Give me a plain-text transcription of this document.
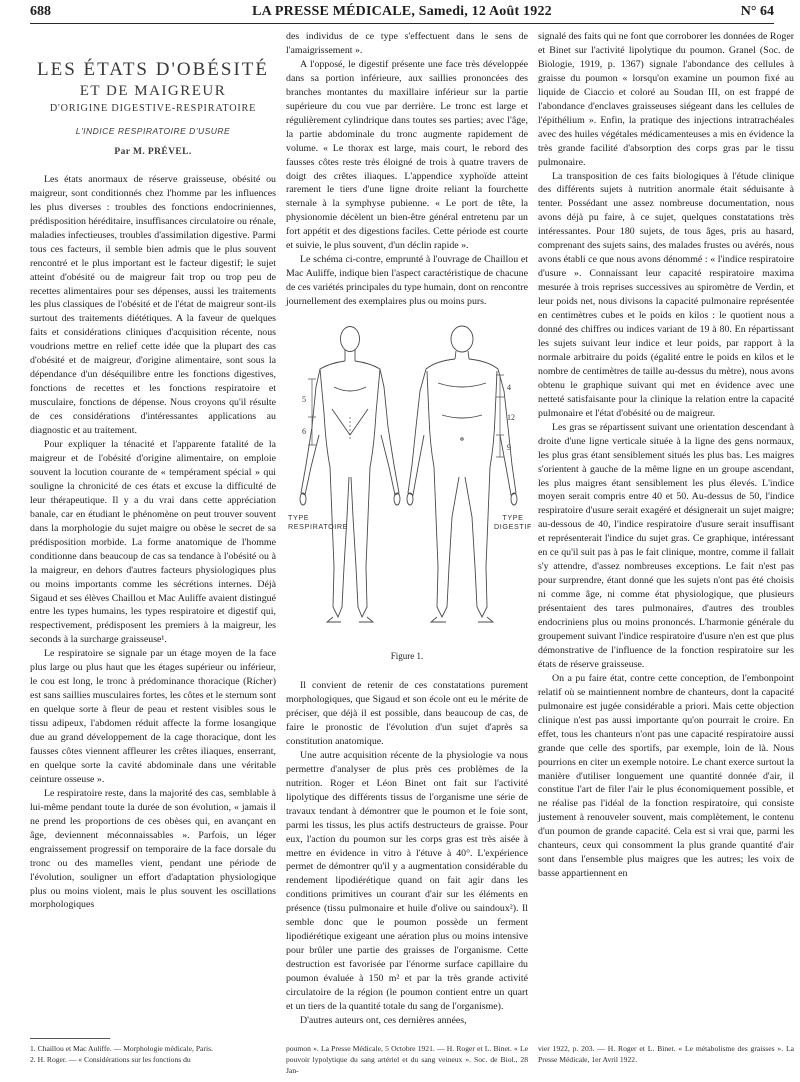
688	LA PRESSE MÉDICALE, Samedi, 12 Août 1922	N° 64
LES ÉTATS D'OBÉSITÉ
ET DE MAIGREUR
D'ORIGINE DIGESTIVE-RESPIRATOIRE
L'INDICE RESPIRATOIRE D'USURE
Par M. PRÉVEL.

Les états anormaux de réserve graisseuse, obésité ou maigreur, sont conditionnés chez l'homme par les influences les plus diverses : troubles des fonctions endocriniennes, prédisposition héréditaire, insuffisances circulatoire ou rénale, maladies infectieuses, troubles d'assimilation digestive. Parmi tous ces facteurs, il semble bien admis que le plus souvent rencontré et le plus important est le facteur digestif; le sujet atteint d'obésité ou de maigreur fait trop ou trop peu de recettes alimentaires pour ses dépenses, aussi les traitements les plus classiques de l'obésité et de l'état de maigreur sont-ils surtout des traitements diététiques. A la faveur de quelques faits et considérations cliniques d'acquisition récente, nous voudrions mettre en relief cette idée que la plupart des cas d'obésité et de maigreur, d'origine alimentaire, sont sous la dépendance d'un déséquilibre entre les fonctions digestives, fonctions de recettes et les fonctions respiratoire et musculaire, fonctions de dépense. Nous croyons qu'il résulte de ces considérations d'intéressantes applications au diagnostic et au traitement.

Pour expliquer la ténacité et l'apparente fatalité de la maigreur et de l'obésité d'origine alimentaire, on emploie souvent la locution courante de « tempérament spécial » qui souligne la chronicité de ces états et excuse la difficulté de leur thérapeutique. Il y a du vrai dans cette appréciation banale, car en étudiant le phénomène on peut trouver souvent dans la morphologie du sujet maigre ou obèse le secret de sa prédisposition morbide. La forme anatomique de l'homme conditionne dans beaucoup de cas sa tendance à l'obésité ou à la maigreur, en dehors d'autres facteurs physiologiques plus ou moins importants comme les sécrétions internes. Déjà Sigaud et ses élèves Chaillou et Mac Auliffe avaient distingué entre les types humains, les types respiratoire et digestif qui, respectivement, prédisposent les premiers à la maigreur, les seconds à la surcharge graisseuse¹.

Le respiratoire se signale par un étage moyen de la face plus large ou plus haut que les étages supérieur ou inférieur, le cou est long, le tronc à prédominance thoracique (Richer) est sans saillies musculaires fortes, les côtes et le sternum sont en quelque sorte à fleur de peau et restent visibles sous le tissu adipeux, l'abdomen réduit affecte la forme losangique due au grand développement de la cage thoracique, dont les fausses côtes viennent affleurer les crêtes iliaques, enserrant, en quelque sorte la cavité abdominale dans une véritable ceinture osseuse ».

Le respiratoire reste, dans la majorité des cas, semblable à lui-même pendant toute la durée de son évolution, « jamais il ne prend les proportions de ces obèses qui, en avançant en âge, deviennent méconnaissables ». Parfois, un léger engraissement progressif on temporaire de la face dorsale du tronc ou des mamelles vient, pendant une période de l'évolution, souligner un effort d'adaptation physiologique plus ou moins violent, mais le plus souvent les oscillations morphologiques

des individus de ce type s'effectuent dans le sens de l'amaigrissement ».

A l'opposé, le digestif présente une face très développée dans sa portion inférieure, aux saillies prononcées des branches montantes du maxillaire inférieur sur la partie supérieure du cou vue par derrière. Le tronc est large et régulièrement cylindrique dans toutes ses parties; avec l'âge, la partie abdominale du tronc augmente rapidement de volume. « Le thorax est large, mais court, le rebord des fausses côtes reste très éloigné de trois à quatre travers de doigt des crêtes iliaques. L'appendice xyphoïde atteint rarement le tiers d'une ligne droite reliant la fourchette sternale à la symphyse pubienne. « Le port de tête, la physionomie décèlent un bien-être général entretenu par un fort appétit et des digestions faciles. Cette période est courte et suivie, le plus souvent, d'un déclin rapide ».

Le schéma ci-contre, emprunté à l'ouvrage de Chaillou et Mac Auliffe, indique bien l'aspect caractéristique de chacune de ces variétés principales du type humain, dont on rencontre journellement des exemplaires plus ou moins purs.

5
6
4
12
9
TYPE
RESPIRATOIRE
TYPE
DIGESTIF
Figure 1.

Il convient de retenir de ces constatations purement morphologiques, que Sigaud et son école ont eu le mérite de préciser, que déjà il est possible, dans beaucoup de cas, de faire le pronostic de l'évolution d'un sujet d'après sa constitution anatomique.

Une autre acquisition récente de la physiologie va nous permettre d'analyser de plus près ces problèmes de la nutrition. Roger et Léon Binet ont fait sur l'activité lipolytique des différents tissus de l'organisme une série de travaux tendant à démontrer que le poumon et le foie sont, parmi les tissus, les plus actifs destructeurs de graisse. Pour eux, l'action du poumon sur les corps gras est très aisée à mettre en évidence in vitro à l'étuve à 40°. L'expérience permet de démontrer qu'il y a augmentation considérable du rendement lipodiérétique quand on fait agir dans les conditions primitives un courant d'air sur les éléments en présence (tissu pulmonaire et huile d'olive ou saindoux²). Il semble donc que le poumon possède un ferment lipodiérétique exigeant une aération plus ou moins intensive pour brûler une partie des graisses de l'organisme. Cette destruction est favorisée par l'énorme surface capillaire du poumon évaluée à 150 m² et par la très grande activité circulatoire de la région (le poumon contient entre un quart et un tiers de la quantité totale du sang de l'organisme).

D'autres auteurs ont, ces dernières années,

signalé des faits qui ne font que corroborer les données de Roger et Binet sur l'activité lipolytique du poumon. Granel (Soc. de Biologie, 1919, p. 1367) signale l'abondance des cellules à graisse du poumon « lorsqu'on examine un poumon fixé au liquide de Ciaccio et coloré au Soudan III, on est frappé de l'abondance d'enclaves graisseuses siégeant dans les cellules de l'épithélium ». Enfin, la pratique des injections intratrachéales avec des huiles végétales médicamenteuses a mis en évidence la très grande facilité d'absorption des corps gras par le tissu pulmonaire.

La transposition de ces faits biologiques à l'étude clinique des différents sujets à nutrition anormale était séduisante à tenter. Possédant une assez nombreuse documentation, nous avons déjà pu faire, à ce sujet, quelques constatations très intéressantes. Pour 180 sujets, de tous âges, pris au hasard, comprenant des sujets sains, des malades frustes ou avérés, nous avons établi ce que nous avons dénommé : « l'indice respiratoire d'usure ». Connaissant leur capacité respiratoire maxima mesurée à trois reprises successives au spiromètre de Verdin, et leur poids net, nous divisons la capacité pulmonaire représentée en centimètres cubes et le poids en kilos : le quotient nous a donné des chiffres ou indices variant de 19 à 80. En répartissant les sujets suivant leur indice et leur poids, par rapport à la normale arbitraire du poids (égalité entre le poids en kilos et le nombre de centimètres de taille au-dessus du mètre), nous avons obtenu le graphique suivant qui met en évidence avec une netteté satisfaisante pour la clinique la relation entre la capacité pulmonaire et l'état d'obésité ou de maigreur.

Les gras se répartissent suivant une orientation descendant à droite d'une ligne verticale située à la ligne des gens normaux, les plus gras étant sensiblement situés les plus bas. Les maigres s'orientent à gauche de la même ligne en un groupe ascendant, les plus maigres étant sensiblement les plus élevés. L'indice moyen serait compris entre 40 et 50. Au-dessus de 50, l'indice respiratoire d'usure serait exagéré et désignerait un sujet maigre; au-dessous de 40, l'indice respiratoire d'usure serait insuffisant et représenterait l'indice du sujet gras. Ce graphique, intéressant en ce qu'il suit pas à pas le fait clinique, montre, comme il fallait s'y attendre, d'assez nombreuses exceptions. Le fait n'est pas pour surprendre, étant donné que les sujets n'ont pas été choisis ni comme âge, ni comme état physiologique, que plusieurs présentaient des tares pulmonaires, d'autres des troubles endocriniens plus ou moins prononcés. L'harmonie générale du groupement suivant l'indice respiratoire d'usure n'en est que plus démonstrative de l'influence de la fonction respiratoire sur les états de réserve graisseuse.

On a pu faire état, contre cette conception, de l'embonpoint relatif où se maintiennent nombre de chanteurs, dont la capacité pulmonaire est jugée considérable a priori. Mais cette objection clinique n'est pas aussi importante qu'on pourrait le croire. En effet, tous les chanteurs n'ont pas une capacité respiratoire aussi grande que celle des sportifs, par exemple, loin de là. Nous pourrions en citer un exemple notoire. Le chant exerce surtout la manière d'utiliser longuement une quantité donnée d'air, il constitue l'art de filer l'air le plus économiquement possible, et ne réalise pas l'idéal de la fonction respiratoire, qui consiste justement à renouveler souvent, mais complètement, le contenu d'un poumon de grande capacité. Cela est si vrai que, parmi les chanteurs, ceux qui consomment la plus grande quantité d'air sont dans l'ensemble plus maigres que les autres; les voix de basse appartiennent en

1. Chaillou et Mac Auliffe. — Morphologie médicale, Paris.
2. H. Roger. — « Considérations sur les fonctions du

poumon ». La Presse Médicale, 5 Octobre 1921. — H. Roger et L. Binet. « Le pouvoir lypolytique du sang artériel et du sang veineux ». Soc. de Biol., 28 Jan-

vier 1922, p. 203. — H. Roger et L. Binet. « Le métabolisme des graisses ». La Presse Médicale, 1er Avril 1922.
